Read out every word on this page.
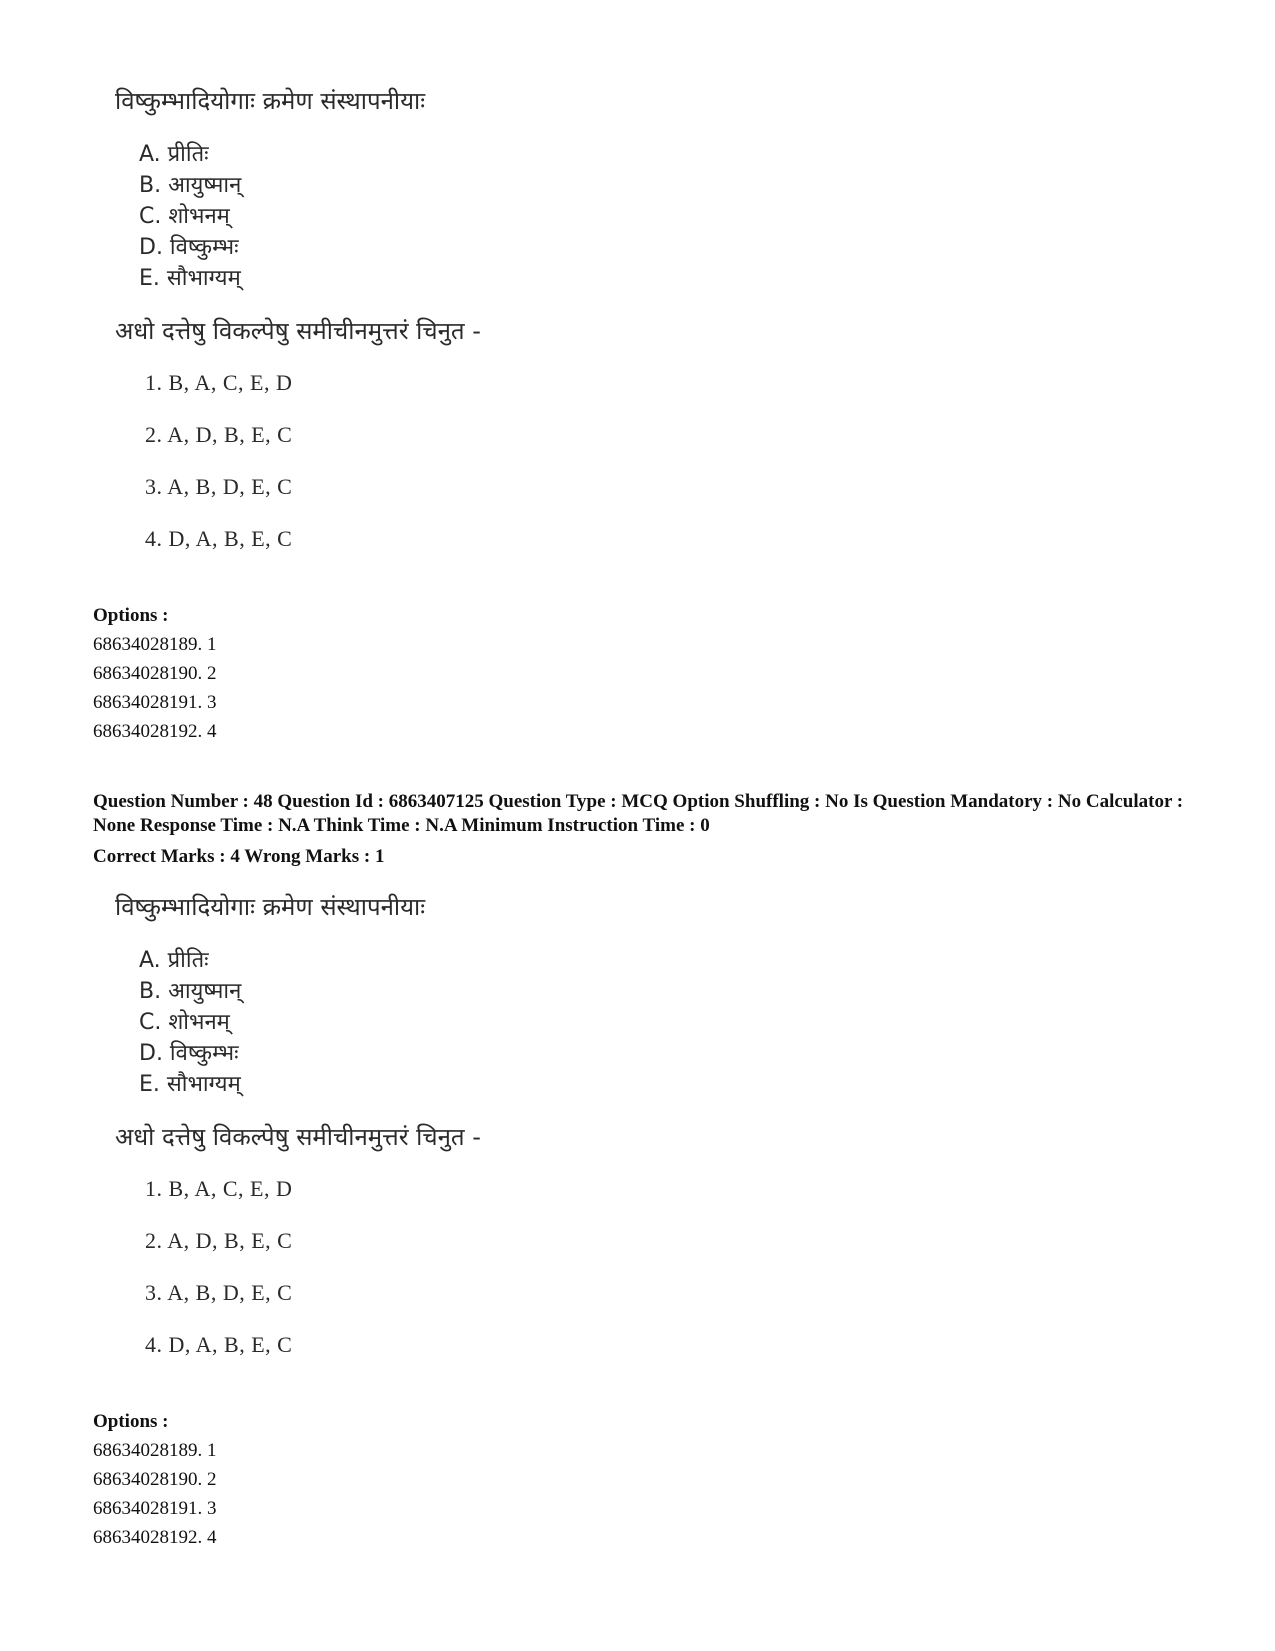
विष्कुम्भादियोगाः क्रमेण संस्थापनीयाः
A. प्रीतिः
B. आयुष्मान्
C. शोभनम्
D. विष्कुम्भः
E. सौभाग्यम्
अधो दत्तेषु विकल्पेषु समीचीनमुत्तरं चिनुत -
1. B, A, C, E, D
2. A, D, B, E, C
3. A, B, D, E, C
4. D, A, B, E, C
Options :
68634028189. 1
68634028190. 2
68634028191. 3
68634028192. 4
Question Number : 48 Question Id : 6863407125 Question Type : MCQ Option Shuffling : No Is Question Mandatory : No Calculator : None Response Time : N.A Think Time : N.A Minimum Instruction Time : 0
Correct Marks : 4 Wrong Marks : 1
विष्कुम्भादियोगाः क्रमेण संस्थापनीयाः
A. प्रीतिः
B. आयुष्मान्
C. शोभनम्
D. विष्कुम्भः
E. सौभाग्यम्
अधो दत्तेषु विकल्पेषु समीचीनमुत्तरं चिनुत -
1. B, A, C, E, D
2. A, D, B, E, C
3. A, B, D, E, C
4. D, A, B, E, C
Options :
68634028189. 1
68634028190. 2
68634028191. 3
68634028192. 4
